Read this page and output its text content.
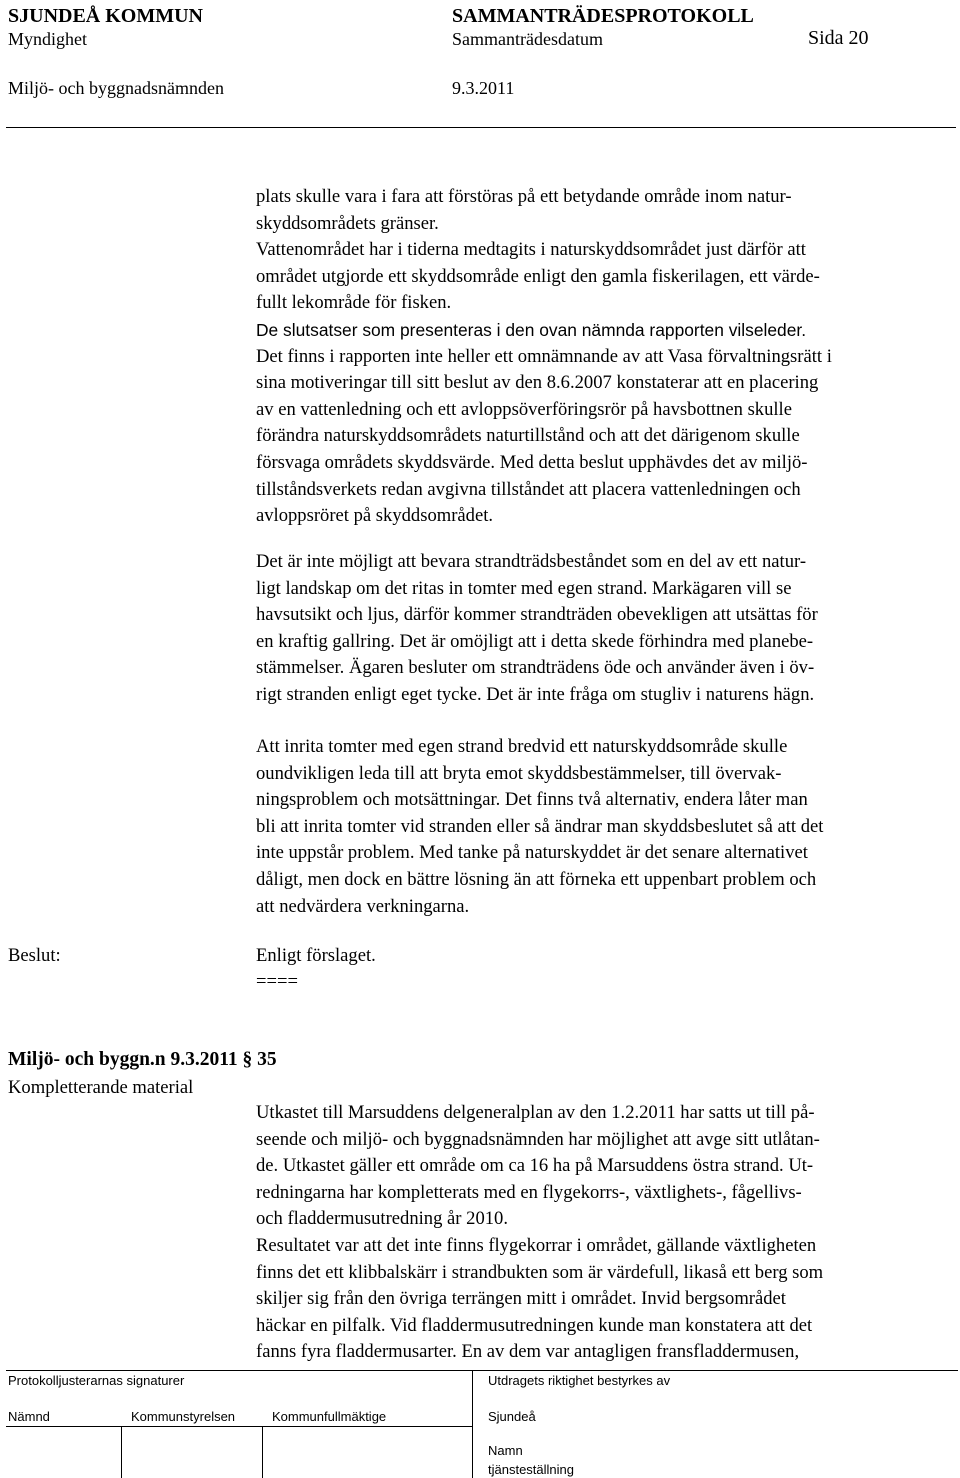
SJUNDEÅ KOMMUN	SAMMANTRÄDESPROTOKOLL
Myndighet	Sammanträdesdatum	Sida 20
Miljö- och byggnadsnämnden	9.3.2011
plats skulle vara i fara att förstöras på ett betydande område inom natur-
skyddsområdets gränser.
Vattenområdet har i tiderna medtagits i naturskyddsområdet just därför att
området utgjorde ett skyddsområde enligt den gamla fiskerilagen, ett värde-
fullt lekområde för fisken.
De slutsatser som presenteras i den ovan nämnda rapporten vilseleder.
Det finns i rapporten inte heller ett omnämnande av att Vasa förvaltningsrätt i
sina motiveringar till sitt beslut av den 8.6.2007 konstaterar att en placering
av en vattenledning och ett avloppsöverföringsrör på havsbottnen skulle
förändra naturskyddsområdets naturtillstånd och att det därigenom skulle
försvaga områdets skyddsvärde. Med detta beslut upphävdes det av miljö-
tillståndsverkets redan avgivna tillståndet att placera vattenledningen och
avloppsröret på skyddsområdet.
Det är inte möjligt att bevara strandträdsbeståndet som en del av ett natur-
ligt landskap om det ritas in tomter med egen strand. Markägaren vill se
havsutsikt och ljus, därför kommer strandträden obevekligen att utsättas för
en kraftig gallring. Det är omöjligt att i detta skede förhindra med planebe-
stämmelser. Ägaren besluter om strandträdens öde och använder även i öv-
rigt stranden enligt eget tycke. Det är inte fråga om stugliv i naturens hägn.
Att inrita tomter med egen strand bredvid ett naturskyddsområde skulle
oundvikligen leda till att bryta emot skyddsbestämmelser, till övervak-
ningsproblem och motsättningar. Det finns två alternativ, endera låter man
bli att inrita tomter vid stranden eller så ändrar man skyddsbeslutet så att det
inte uppstår problem. Med tanke på naturskyddet är det senare alternativet
dåligt, men dock en bättre lösning än att förneka ett uppenbart problem och
att nedvärdera verkningarna.
Beslut:	Enligt förslaget.
====
Miljö- och byggn.n 9.3.2011 § 35
Kompletterande material
Utkastet till Marsuddens delgeneralplan av den 1.2.2011 har satts ut till på-
seende och miljö- och byggnadsnämnden har möjlighet att avge sitt utlåtan-
de. Utkastet gäller ett område om ca 16 ha på Marsuddens östra strand. Ut-
redningarna har kompletterats med en flygekorrs-, växtlighets-, fågellivs-
och fladdermusutredning år 2010.
Resultatet var att det inte finns flygekorrar i området, gällande växtligheten
finns det ett klibbalskärr i strandbukten som är värdefull, likaså ett berg som
skiljer sig från den övriga terrängen mitt i området. Invid bergsområdet
häckar en pilfalk. Vid fladdermusutredningen kunde man konstatera att det
fanns fyra fladdermusarter. En av dem var antagligen fransfladdermusen,
Protokolljusterarnas signaturer	Utdragets riktighet bestyrkes av
Nämnd	Kommunstyrelsen	Kommunfullmäktige	Sjundeå
Namn
tjänsteställning
